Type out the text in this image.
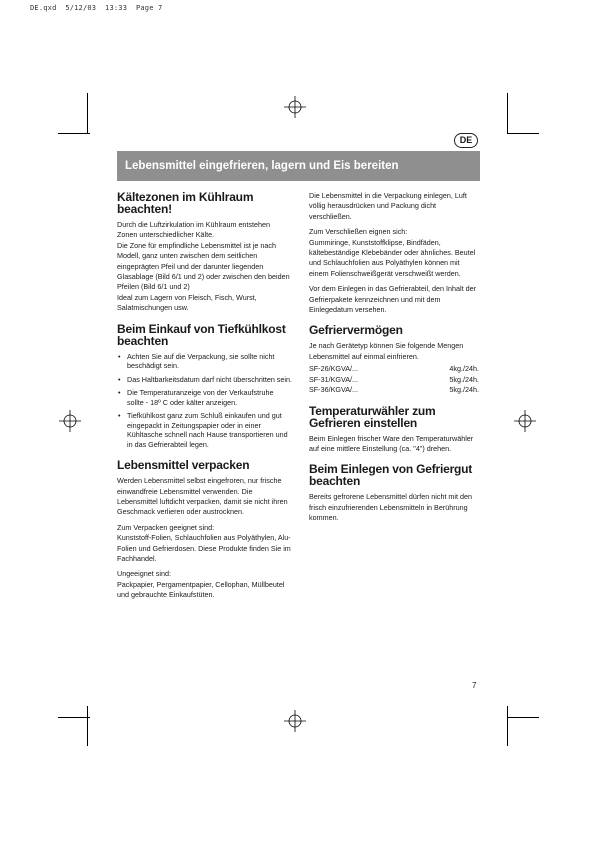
DE.qxd  5/12/03  13:33  Page 7
DE
Lebensmittel eingefrieren, lagern und Eis bereiten
Kältezonen im Kühlraum beachten!

Durch die Luftzirkulation im Kühlraum entstehen Zonen unterschiedlicher Kälte.

Die Zone für empfindliche Lebensmittel ist je nach Modell, ganz unten zwischen dem seitlichen eingeprägten Pfeil und der darunter liegenden Glasablage (Bild 6/1 und 2) oder zwischen den beiden Pfeilen (Bild 6/1 und 2)

Ideal zum Lagern von Fleisch, Fisch, Wurst, Salatmischungen usw.

Beim Einkauf von Tiefkühlkost beachten
• Achten Sie auf die Verpackung, sie sollte nicht beschädigt sein.
• Das Haltbarkeitsdatum darf nicht überschritten sein.
• Die Temperaturanzeige von der Verkaufstruhe sollte - 18º C oder kälter anzeigen.
• Tiefkühlkost ganz zum Schluß einkaufen und gut eingepackt in Zeitungspapier oder in einer Kühltasche schnell nach Hause transportieren und in das Gefrierabteil legen.
Lebensmittel verpacken

Werden Lebensmittel selbst eingefroren, nur frische einwandfreie Lebensmittel verwenden. Die Lebensmittel luftdicht verpacken, damit sie nicht ihren Geschmack verlieren oder austrocknen.

Zum Verpacken geeignet sind:

Kunststoff-Folien, Schlauchfolien aus Polyäthylen, Alu-Folien und Gefrierdosen. Diese Produkte finden Sie im Fachhandel.

Ungeeignet sind:

Packpapier, Pergamentpapier, Cellophan, Müllbeutel und gebrauchte Einkaufstüten.

Die Lebensmittel in die Verpackung einlegen, Luft völlig herausdrücken und Packung dicht verschließen.

Zum Verschließen eignen sich:

Gummiringe, Kunststoffklipse, Bindfäden, kältebeständige Klebebänder oder ähnliches. Beutel und Schlauchfolien aus Polyäthylen können mit einem Folienschweißgerät verschweißt werden.

Vor dem Einlegen in das Gefrierabteil, den Inhalt der Gefrierpakete kennzeichnen und mit dem Einlegedatum versehen.

Gefriervermögen

Je nach Gerätetyp können Sie folgende Mengen Lebensmittel auf einmal einfrieren.

SF-26/KGVA/...	4kg./24h.
SF-31/KGVA/...	5kg./24h.
SF-36/KGVA/...	5kg./24h.
Temperaturwähler zum Gefrieren einstellen

Beim Einlegen frischer Ware den Temperaturwähler auf eine mittlere Einstellung (ca. "4") drehen.

Beim Einlegen von Gefriergut beachten

Bereits gefrorene Lebensmittel dürfen nicht mit den frisch einzufrierenden Lebensmitteln in Berührung kommen.

7
